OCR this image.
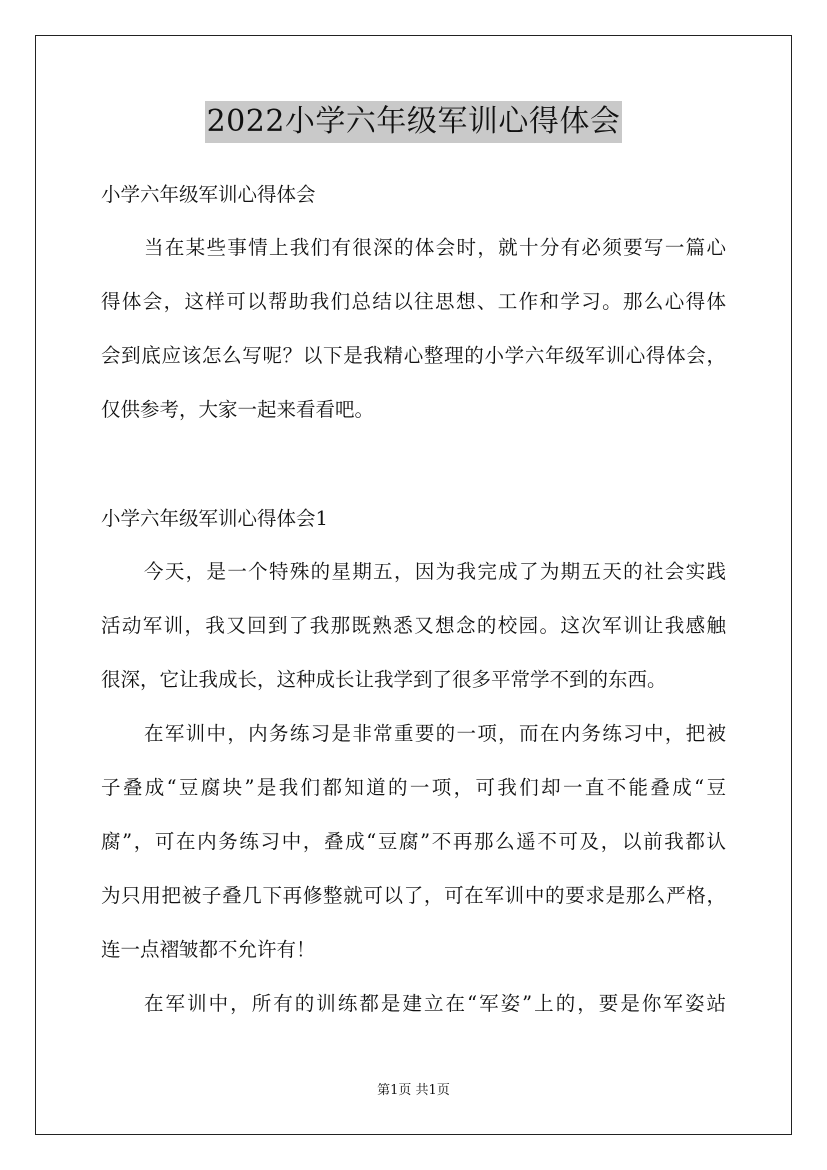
2022小学六年级军训心得体会
小学六年级军训心得体会
当在某些事情上我们有很深的体会时，就十分有必须要写一篇心
得体会，这样可以帮助我们总结以往思想、工作和学习。那么心得体
会到底应该怎么写呢？以下是我精心整理的小学六年级军训心得体会，
仅供参考，大家一起来看看吧。
小学六年级军训心得体会1
今天，是一个特殊的星期五，因为我完成了为期五天的社会实践
活动军训，我又回到了我那既熟悉又想念的校园。这次军训让我感触
很深，它让我成长，这种成长让我学到了很多平常学不到的东西。
在军训中，内务练习是非常重要的一项，而在内务练习中，把被
子叠成“豆腐块”是我们都知道的一项，可我们却一直不能叠成“豆
腐”，可在内务练习中，叠成“豆腐”不再那么遥不可及，以前我都认
为只用把被子叠几下再修整就可以了，可在军训中的要求是那么严格，
连一点褶皱都不允许有！
在军训中，所有的训练都是建立在“军姿”上的，要是你军姿站
第1页 共1页
